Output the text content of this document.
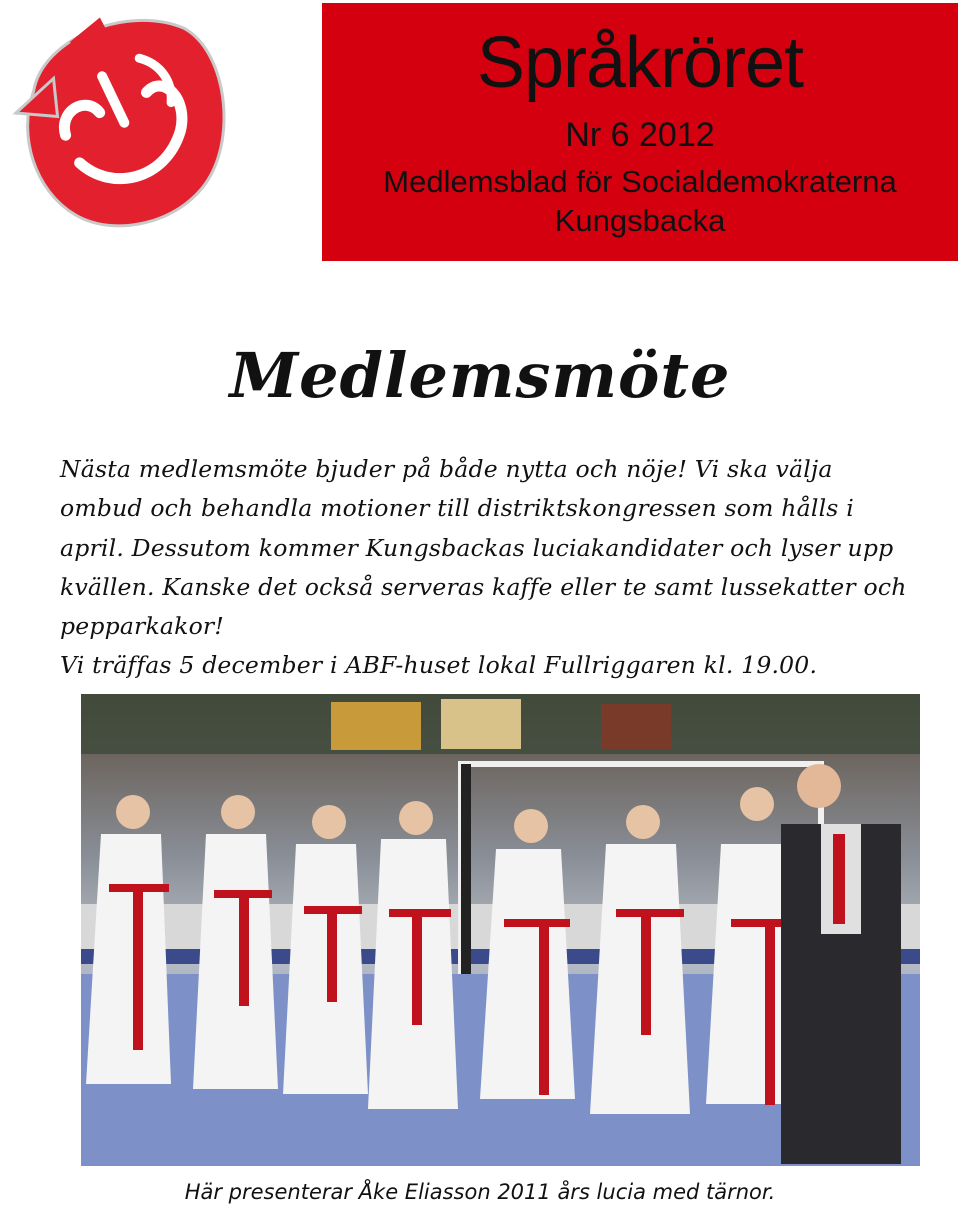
Språkröret
Nr 6 2012
Medlemsblad för Socialdemokraterna
Kungsbacka
Medlemsmöte

Nästa medlemsmöte bjuder på både nytta och nöje! Vi ska välja ombud och behandla motioner till distriktskongressen som hålls i april. Dessutom kommer Kungsbackas luciakandidater och lyser upp kvällen. Kanske det också serveras kaffe eller te samt lussekatter och pepparkakor!

Vi träffas 5 december i ABF-huset lokal Fullriggaren kl. 19.00.

Här presenterar Åke Eliasson 2011 års lucia med tärnor.
